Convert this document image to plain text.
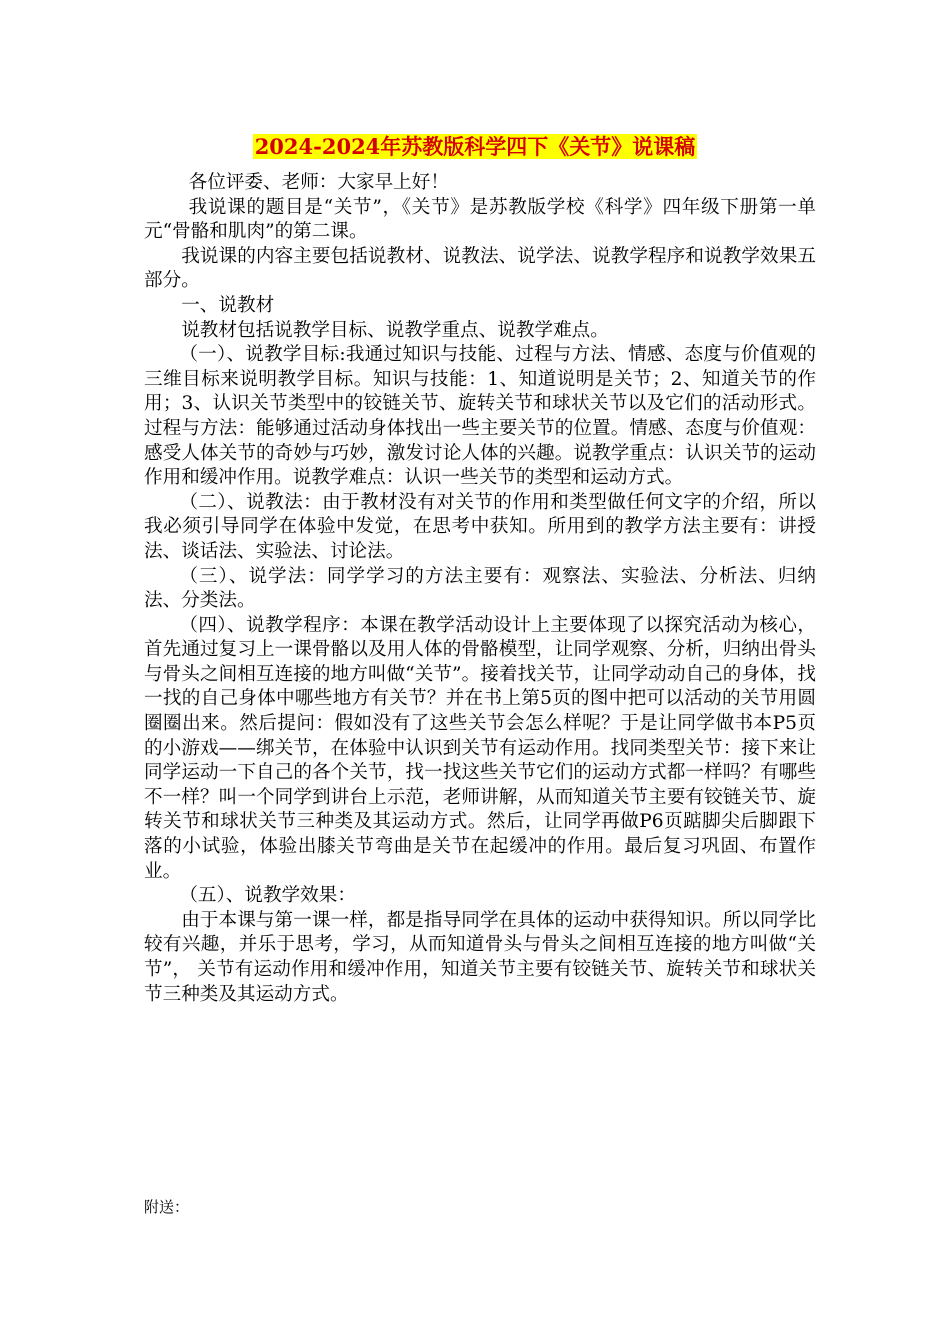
2024-2024年苏教版科学四下《关节》说课稿

各位评委、老师：大家早上好！

我说课的题目是“关节”，《关节》是苏教版学校《科学》四年级下册第一单元“骨骼和肌肉”的第二课。

我说课的内容主要包括说教材、说教法、说学法、说教学程序和说教学效果五部分。

一、说教材

说教材包括说教学目标、说教学重点、说教学难点。

（一）、说教学目标:我通过知识与技能、过程与方法、情感、态度与价值观的三维目标来说明教学目标。知识与技能：1、知道说明是关节；2、知道关节的作用；3、认识关节类型中的铰链关节、旋转关节和球状关节以及它们的活动形式。过程与方法：能够通过活动身体找出一些主要关节的位置。情感、态度与价值观：感受人体关节的奇妙与巧妙，激发讨论人体的兴趣。说教学重点：认识关节的运动作用和缓冲作用。说教学难点：认识一些关节的类型和运动方式。

（二）、说教法：由于教材没有对关节的作用和类型做任何文字的介绍，所以我必须引导同学在体验中发觉，在思考中获知。所用到的教学方法主要有：讲授法、谈话法、实验法、讨论法。

（三）、说学法：同学学习的方法主要有：观察法、实验法、分析法、归纳法、分类法。

（四）、说教学程序：本课在教学活动设计上主要体现了以探究活动为核心，首先通过复习上一课骨骼以及用人体的骨骼模型，让同学观察、分析，归纳出骨头与骨头之间相互连接的地方叫做“关节”。接着找关节，让同学动动自己的身体，找一找的自己身体中哪些地方有关节？并在书上第5页的图中把可以活动的关节用圆圈圈出来。然后提问：假如没有了这些关节会怎么样呢？于是让同学做书本P5页的小游戏——绑关节，在体验中认识到关节有运动作用。找同类型关节：接下来让同学运动一下自己的各个关节，找一找这些关节它们的运动方式都一样吗？有哪些不一样？叫一个同学到讲台上示范，老师讲解，从而知道关节主要有铰链关节、旋转关节和球状关节三种类及其运动方式。然后，让同学再做P6页踮脚尖后脚跟下落的小试验，体验出膝关节弯曲是关节在起缓冲的作用。最后复习巩固、布置作业。

（五）、说教学效果：

由于本课与第一课一样，都是指导同学在具体的运动中获得知识。所以同学比较有兴趣，并乐于思考，学习，从而知道骨头与骨头之间相互连接的地方叫做“关节”， 关节有运动作用和缓冲作用，知道关节主要有铰链关节、旋转关节和球状关节三种类及其运动方式。

附送：
